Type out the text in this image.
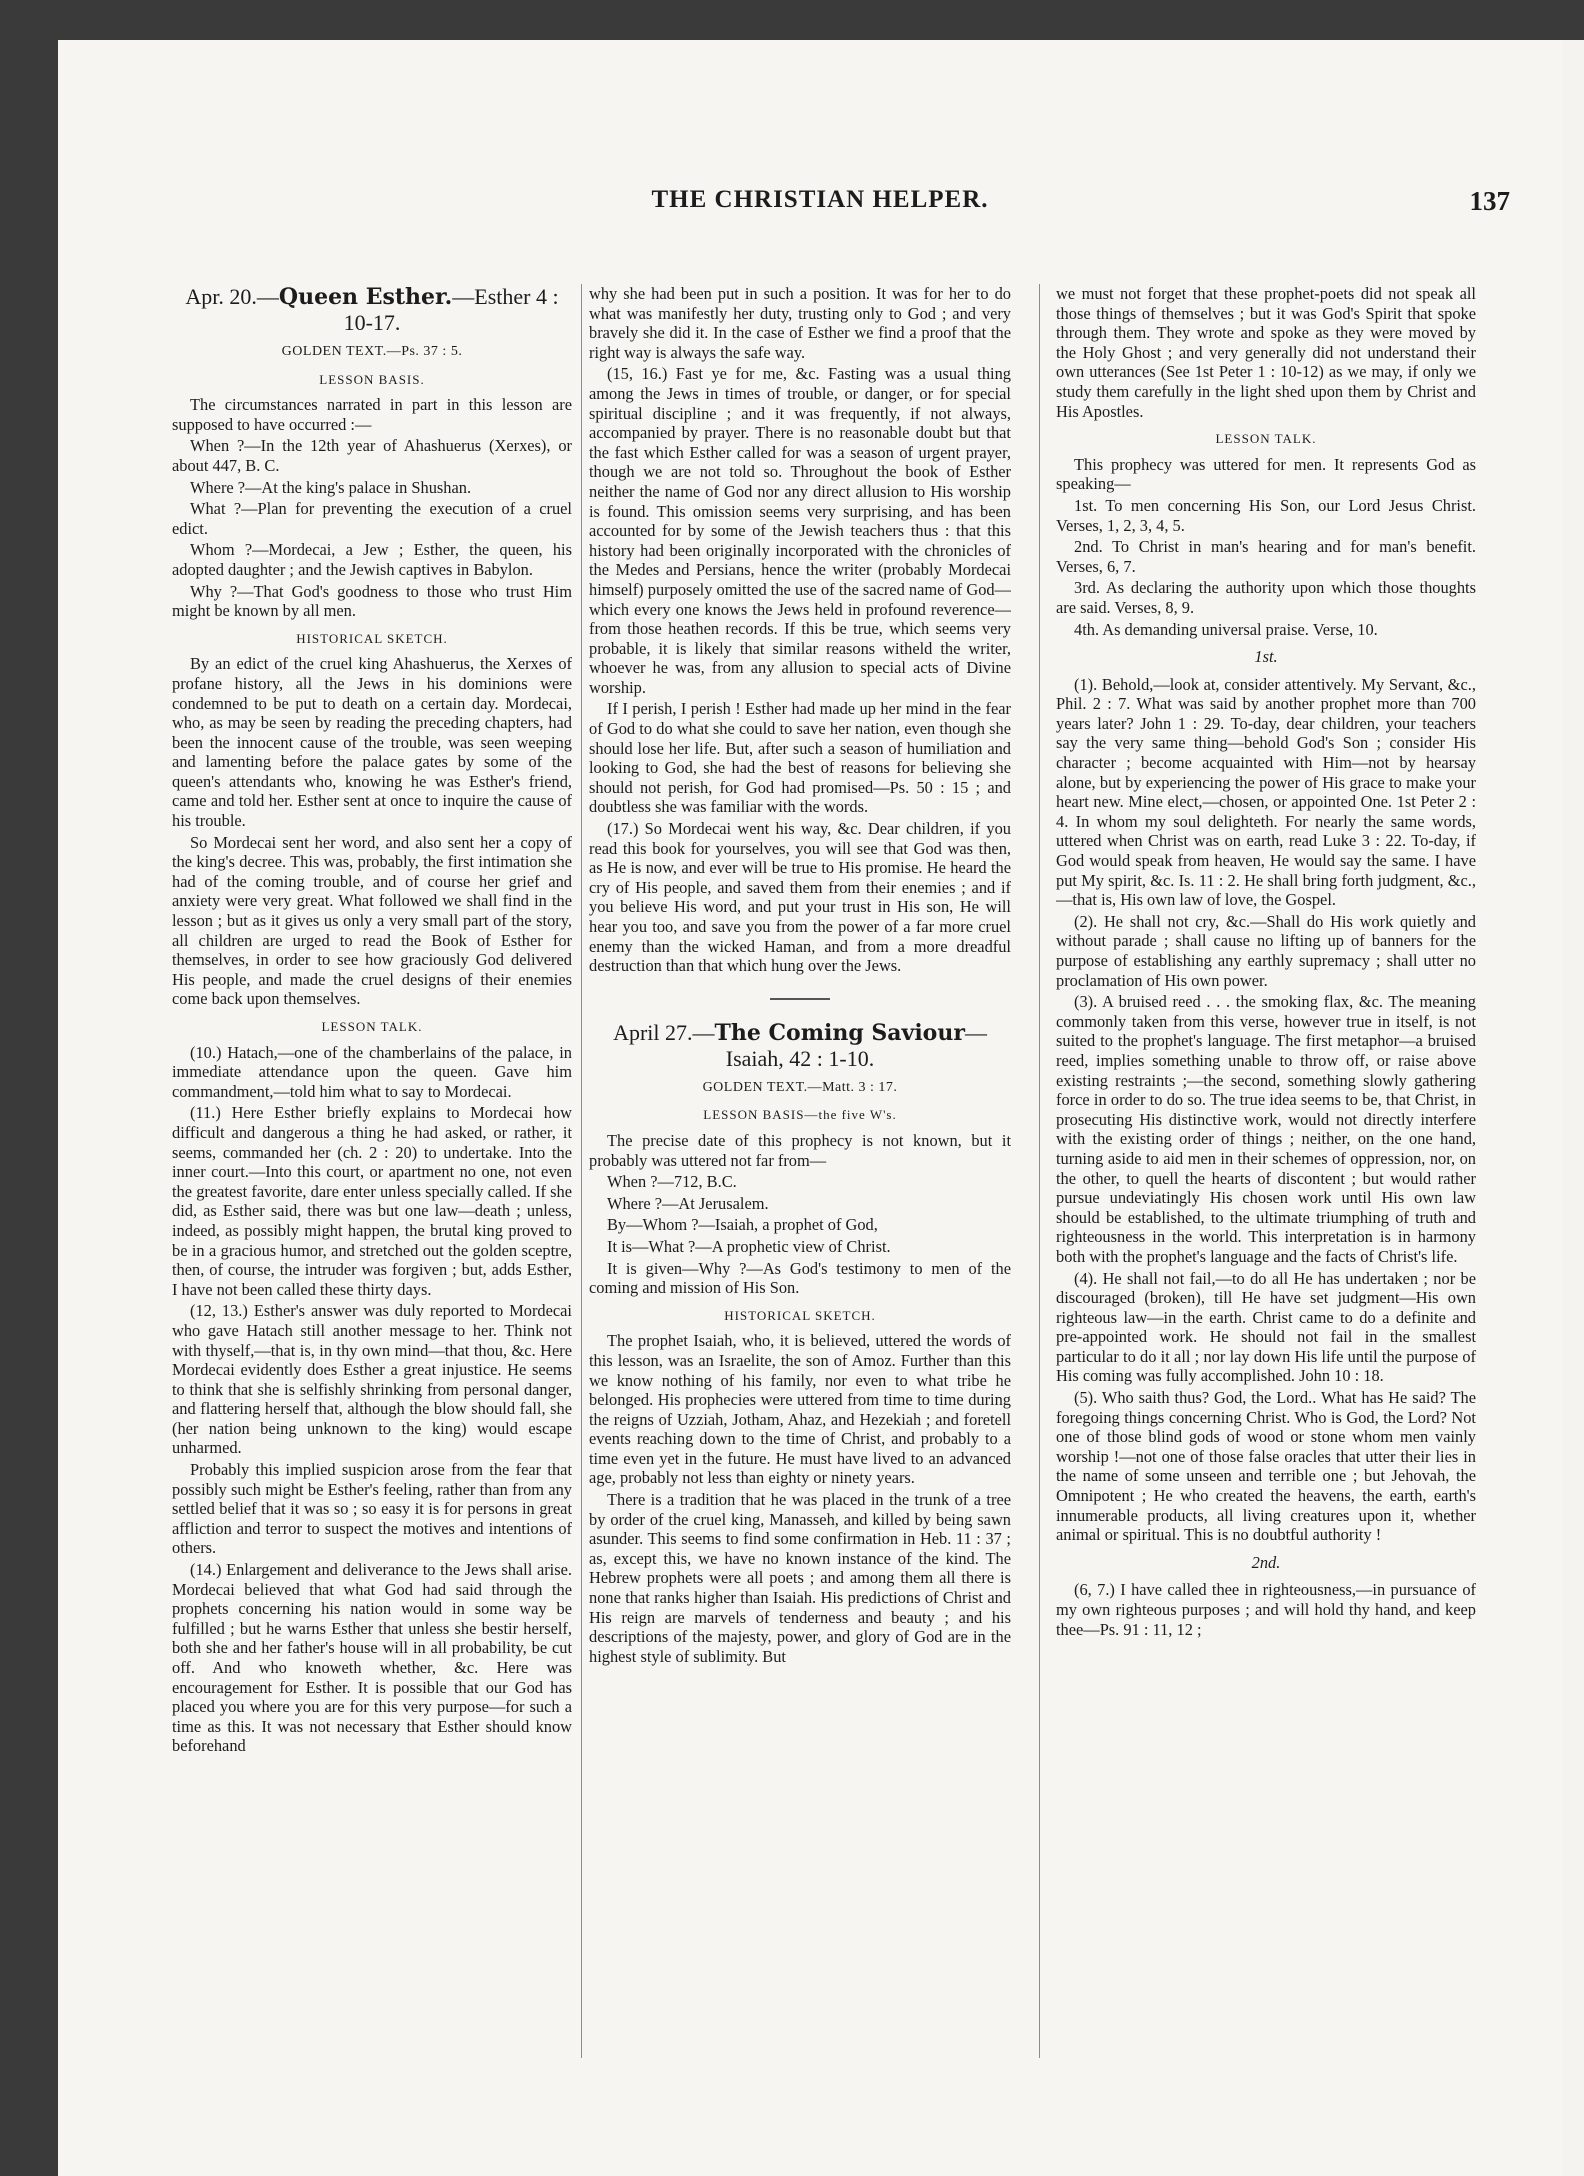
THE CHRISTIAN HELPER.	137

Apr. 20.—Queen Esther.—Esther 4 : 10-17.

GOLDEN TEXT.—Ps. 37 : 5.

LESSON BASIS.

The circumstances narrated in part in this lesson are supposed to have occurred :—

When ?—In the 12th year of Ahashuerus (Xerxes), or about 447, B. C.

Where ?—At the king's palace in Shushan.

What ?—Plan for preventing the execution of a cruel edict.

Whom ?—Mordecai, a Jew ; Esther, the queen, his adopted daughter ; and the Jewish captives in Babylon.

Why ?—That God's goodness to those who trust Him might be known by all men.

HISTORICAL SKETCH.

By an edict of the cruel king Ahashuerus, the Xerxes of profane history, all the Jews in his dominions were condemned to be put to death on a certain day. Mordecai, who, as may be seen by reading the preceding chapters, had been the innocent cause of the trouble, was seen weeping and lamenting before the palace gates by some of the queen's attendants who, knowing he was Esther's friend, came and told her. Esther sent at once to inquire the cause of his trouble.

So Mordecai sent her word, and also sent her a copy of the king's decree. This was, probably, the first intimation she had of the coming trouble, and of course her grief and anxiety were very great. What followed we shall find in the lesson ; but as it gives us only a very small part of the story, all children are urged to read the Book of Esther for themselves, in order to see how graciously God delivered His people, and made the cruel designs of their enemies come back upon themselves.

LESSON TALK.

(10.) Hatach,—one of the chamberlains of the palace, in immediate attendance upon the queen. Gave him commandment,—told him what to say to Mordecai.

(11.) Here Esther briefly explains to Mordecai how difficult and dangerous a thing he had asked, or rather, it seems, commanded her (ch. 2 : 20) to undertake. Into the inner court.—Into this court, or apartment no one, not even the greatest favorite, dare enter unless specially called. If she did, as Esther said, there was but one law—death ; unless, indeed, as possibly might happen, the brutal king proved to be in a gracious humor, and stretched out the golden sceptre, then, of course, the intruder was forgiven ; but, adds Esther, I have not been called these thirty days.

(12, 13.) Esther's answer was duly reported to Mordecai who gave Hatach still another message to her. Think not with thyself,—that is, in thy own mind—that thou, &c. Here Mordecai evidently does Esther a great injustice. He seems to think that she is selfishly shrinking from personal danger, and flattering herself that, although the blow should fall, she (her nation being unknown to the king) would escape unharmed.

Probably this implied suspicion arose from the fear that possibly such might be Esther's feeling, rather than from any settled belief that it was so ; so easy it is for persons in great affliction and terror to suspect the motives and intentions of others.

(14.) Enlargement and deliverance to the Jews shall arise. Mordecai believed that what God had said through the prophets concerning his nation would in some way be fulfilled ; but he warns Esther that unless she bestir herself, both she and her father's house will in all probability, be cut off. And who knoweth whether, &c. Here was encouragement for Esther. It is possible that our God has placed you where you are for this very purpose—for such a time as this. It was not necessary that Esther should know beforehand

why she had been put in such a position. It was for her to do what was manifestly her duty, trusting only to God ; and very bravely she did it. In the case of Esther we find a proof that the right way is always the safe way.

(15, 16.) Fast ye for me, &c. Fasting was a usual thing among the Jews in times of trouble, or danger, or for special spiritual discipline ; and it was frequently, if not always, accompanied by prayer. There is no reasonable doubt but that the fast which Esther called for was a season of urgent prayer, though we are not told so. Throughout the book of Esther neither the name of God nor any direct allusion to His worship is found. This omission seems very surprising, and has been accounted for by some of the Jewish teachers thus : that this history had been originally incorporated with the chronicles of the Medes and Persians, hence the writer (probably Mordecai himself) purposely omitted the use of the sacred name of God—which every one knows the Jews held in profound reverence—from those heathen records. If this be true, which seems very probable, it is likely that similar reasons witheld the writer, whoever he was, from any allusion to special acts of Divine worship.

If I perish, I perish ! Esther had made up her mind in the fear of God to do what she could to save her nation, even though she should lose her life. But, after such a season of humiliation and looking to God, she had the best of reasons for believing she should not perish, for God had promised—Ps. 50 : 15 ; and doubtless she was familiar with the words.

(17.) So Mordecai went his way, &c. Dear children, if you read this book for yourselves, you will see that God was then, as He is now, and ever will be true to His promise. He heard the cry of His people, and saved them from their enemies ; and if you believe His word, and put your trust in His son, He will hear you too, and save you from the power of a far more cruel enemy than the wicked Haman, and from a more dreadful destruction than that which hung over the Jews.

April 27.—The Coming Saviour—Isaiah, 42 : 1-10.

GOLDEN TEXT.—Matt. 3 : 17.

LESSON BASIS—the five W's.

The precise date of this prophecy is not known, but it probably was uttered not far from—

When ?—712, B.C.

Where ?—At Jerusalem.

By—Whom ?—Isaiah, a prophet of God,

It is—What ?—A prophetic view of Christ.

It is given—Why ?—As God's testimony to men of the coming and mission of His Son.

HISTORICAL SKETCH.

The prophet Isaiah, who, it is believed, uttered the words of this lesson, was an Israelite, the son of Amoz. Further than this we know nothing of his family, nor even to what tribe he belonged. His prophecies were uttered from time to time during the reigns of Uzziah, Jotham, Ahaz, and Hezekiah ; and foretell events reaching down to the time of Christ, and probably to a time even yet in the future. He must have lived to an advanced age, probably not less than eighty or ninety years.

There is a tradition that he was placed in the trunk of a tree by order of the cruel king, Manasseh, and killed by being sawn asunder. This seems to find some confirmation in Heb. 11 : 37 ; as, except this, we have no known instance of the kind. The Hebrew prophets were all poets ; and among them all there is none that ranks higher than Isaiah. His predictions of Christ and His reign are marvels of tenderness and beauty ; and his descriptions of the majesty, power, and glory of God are in the highest style of sublimity. But

we must not forget that these prophet-poets did not speak all those things of themselves ; but it was God's Spirit that spoke through them. They wrote and spoke as they were moved by the Holy Ghost ; and very generally did not understand their own utterances (See 1st Peter 1 : 10-12) as we may, if only we study them carefully in the light shed upon them by Christ and His Apostles.

LESSON TALK.

This prophecy was uttered for men. It represents God as speaking—

1st. To men concerning His Son, our Lord Jesus Christ. Verses, 1, 2, 3, 4, 5.

2nd. To Christ in man's hearing and for man's benefit. Verses, 6, 7.

3rd. As declaring the authority upon which those thoughts are said. Verses, 8, 9.

4th. As demanding universal praise. Verse, 10.

1st.

(1). Behold,—look at, consider attentively. My Servant, &c., Phil. 2 : 7. What was said by another prophet more than 700 years later? John 1 : 29. To-day, dear children, your teachers say the very same thing—behold God's Son ; consider His character ; become acquainted with Him—not by hearsay alone, but by experiencing the power of His grace to make your heart new. Mine elect,—chosen, or appointed One. 1st Peter 2 : 4. In whom my soul delighteth. For nearly the same words, uttered when Christ was on earth, read Luke 3 : 22. To-day, if God would speak from heaven, He would say the same. I have put My spirit, &c. Is. 11 : 2. He shall bring forth judgment, &c.,—that is, His own law of love, the Gospel.

(2). He shall not cry, &c.—Shall do His work quietly and without parade ; shall cause no lifting up of banners for the purpose of establishing any earthly supremacy ; shall utter no proclamation of His own power.

(3). A bruised reed . . . the smoking flax, &c. The meaning commonly taken from this verse, however true in itself, is not suited to the prophet's language. The first metaphor—a bruised reed, implies something unable to throw off, or raise above existing restraints ;—the second, something slowly gathering force in order to do so. The true idea seems to be, that Christ, in prosecuting His distinctive work, would not directly interfere with the existing order of things ; neither, on the one hand, turning aside to aid men in their schemes of oppression, nor, on the other, to quell the hearts of discontent ; but would rather pursue undeviatingly His chosen work until His own law should be established, to the ultimate triumphing of truth and righteousness in the world. This interpretation is in harmony both with the prophet's language and the facts of Christ's life.

(4). He shall not fail,—to do all He has undertaken ; nor be discouraged (broken), till He have set judgment—His own righteous law—in the earth. Christ came to do a definite and pre-appointed work. He should not fail in the smallest particular to do it all ; nor lay down His life until the purpose of His coming was fully accomplished. John 10 : 18.

(5). Who saith thus? God, the Lord.. What has He said? The foregoing things concerning Christ. Who is God, the Lord? Not one of those blind gods of wood or stone whom men vainly worship !—not one of those false oracles that utter their lies in the name of some unseen and terrible one ; but Jehovah, the Omnipotent ; He who created the heavens, the earth, earth's innumerable products, all living creatures upon it, whether animal or spiritual. This is no doubtful authority !

2nd.

(6, 7.) I have called thee in righteousness,—in pursuance of my own righteous purposes ; and will hold thy hand, and keep thee—Ps. 91 : 11, 12 ;
